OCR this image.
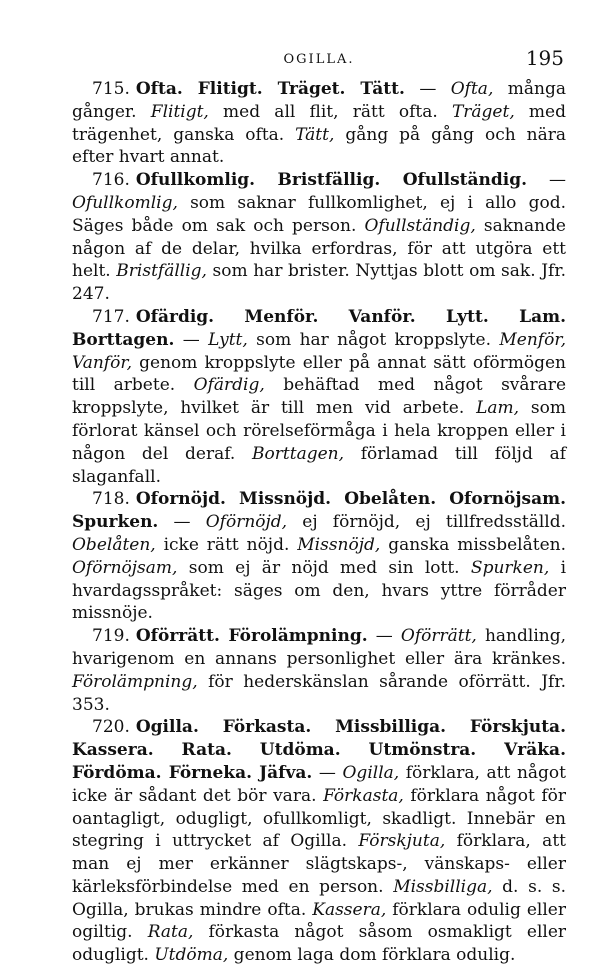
OGILLA.	195

715. Ofta. Flitigt. Träget. Tätt. — Ofta, många gånger. Flitigt, med all flit, rätt ofta. Träget, med trägenhet, ganska ofta. Tätt, gång på gång och nära efter hvart annat.

716. Ofullkomlig. Bristfällig. Ofullständig. — Ofullkomlig, som saknar fullkomlighet, ej i allo god. Säges både om sak och person. Ofullständig, saknande någon af de delar, hvilka erfordras, för att utgöra ett helt. Bristfällig, som har brister. Nyttjas blott om sak. Jfr. 247.

717. Ofärdig. Menför. Vanför. Lytt. Lam. Borttagen. — Lytt, som har något kroppslyte. Menför, Vanför, genom kroppslyte eller på annat sätt oförmögen till arbete. Ofärdig, behäftad med något svårare kroppslyte, hvilket är till men vid arbete. Lam, som förlorat känsel och rörelseförmåga i hela kroppen eller i någon del deraf. Borttagen, förlamad till följd af slaganfall.

718. Ofornöjd. Missnöjd. Obelåten. Ofornöjsam. Spurken. — Oförnöjd, ej förnöjd, ej tillfredsställd. Obelåten, icke rätt nöjd. Missnöjd, ganska missbelåten. Oförnöjsam, som ej är nöjd med sin lott. Spurken, i hvardagsspråket: säges om den, hvars yttre förråder missnöje.

719. Oförrätt. Förolämpning. — Oförrätt, handling, hvarigenom en annans personlighet eller ära kränkes. Förolämpning, för hederskänslan sårande oförrätt. Jfr. 353.

720. Ogilla. Förkasta. Missbilliga. Förskjuta. Kassera. Rata. Utdöma. Utmönstra. Vräka. Fördöma. Förneka. Jäfva. — Ogilla, förklara, att något icke är sådant det bör vara. Förkasta, förklara något för oantagligt, odugligt, ofullkomligt, skadligt. Innebär en stegring i uttrycket af Ogilla. Förskjuta, förklara, att man ej mer erkänner slägtskaps-, vänskaps- eller kärleksförbindelse med en person. Missbilliga, d. s. s. Ogilla, brukas mindre ofta. Kassera, förklara odulig eller ogiltig. Rata, förkasta något såsom osmakligt eller odugligt. Utdöma, genom laga dom förklara odulig.
